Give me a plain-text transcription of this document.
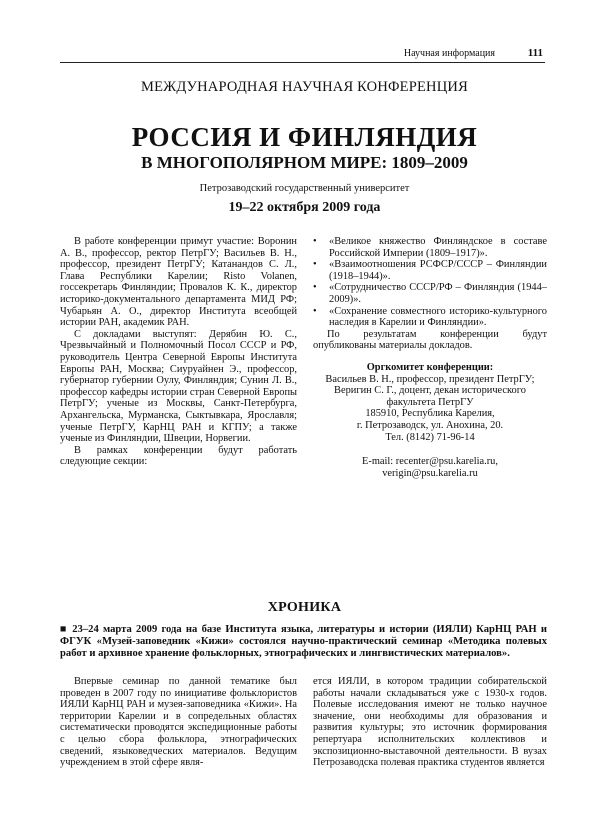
Научная информация	111
МЕЖДУНАРОДНАЯ НАУЧНАЯ КОНФЕРЕНЦИЯ
РОССИЯ И ФИНЛЯНДИЯ
В МНОГОПОЛЯРНОМ МИРЕ: 1809–2009
Петрозаводский государственный университет
19–22 октября 2009 года

В работе конференции примут участие: Воронин А. В., профессор, ректор ПетрГУ; Васильев В. Н., профессор, президент ПетрГУ; Катанандов С. Л., Глава Республики Карелии; Risto Volanen, госсекретарь Финляндии; Провалов К. К., директор историко-документального департамента МИД РФ; Чубарьян А. О., директор Института всеобщей истории РАН, академик РАН.

С докладами выступят: Дерябин Ю. С., Чрезвычайный и Полномочный Посол СССР и РФ, руководитель Центра Северной Европы Института Европы РАН, Москва; Сиуруайнен Э., профессор, губернатор губернии Оулу, Финляндия; Сунин Л. В., профессор кафедры истории стран Северной Европы ПетрГУ; ученые из Москвы, Санкт-Петербурга, Архангельска, Мурманска, Сыктывкара, Ярославля; ученые ПетрГУ, КарНЦ РАН и КГПУ; а также ученые из Финляндии, Швеции, Норвегии.

В рамках конференции будут работать следующие секции:

• «Великое княжество Финляндское в составе Российской Империи (1809–1917)».
• «Взаимоотношения РСФСР/СССР – Финляндии (1918–1944)».
• «Сотрудничество СССР/РФ – Финляндия (1944–2009)».
• «Сохранение совместного историко-культурного наследия в Карелии и Финляндии».

По результатам конференции будут опубликованы материалы докладов.

Оргкомитет конференции:
Васильев В. Н., профессор, президент ПетрГУ;
Веригин С. Г., доцент, декан исторического
факультета ПетрГУ
185910, Республика Карелия,
г. Петрозаводск, ул. Анохина, 20.
Тел. (8142) 71-96-14
E-mail: recenter@psu.karelia.ru,
verigin@psu.karelia.ru
ХРОНИКА
■ 23–24 марта 2009 года на базе Института языка, литературы и истории (ИЯЛИ) КарНЦ РАН и ФГУК «Музей-заповедник «Кижи» состоялся научно-практический семинар «Методика полевых работ и архивное хранение фольклорных, этнографических и лингвистических материалов».

Впервые семинар по данной тематике был проведен в 2007 году по инициативе фольклористов ИЯЛИ КарНЦ РАН и музея-заповедника «Кижи». На территории Карелии и в сопредельных областях систематически проводятся экспедиционные работы с целью сбора фольклора, этнографических сведений, языковедческих материалов. Ведущим учреждением в этой сфере явля-

ется ИЯЛИ, в котором традиции собирательской работы начали складываться уже с 1930-х годов. Полевые исследования имеют не только научное значение, они необходимы для образования и развития культуры; это источник формирования репертуара исполнительских коллективов и экспозиционно-выставочной деятельности. В вузах Петрозаводска полевая практика студентов является
